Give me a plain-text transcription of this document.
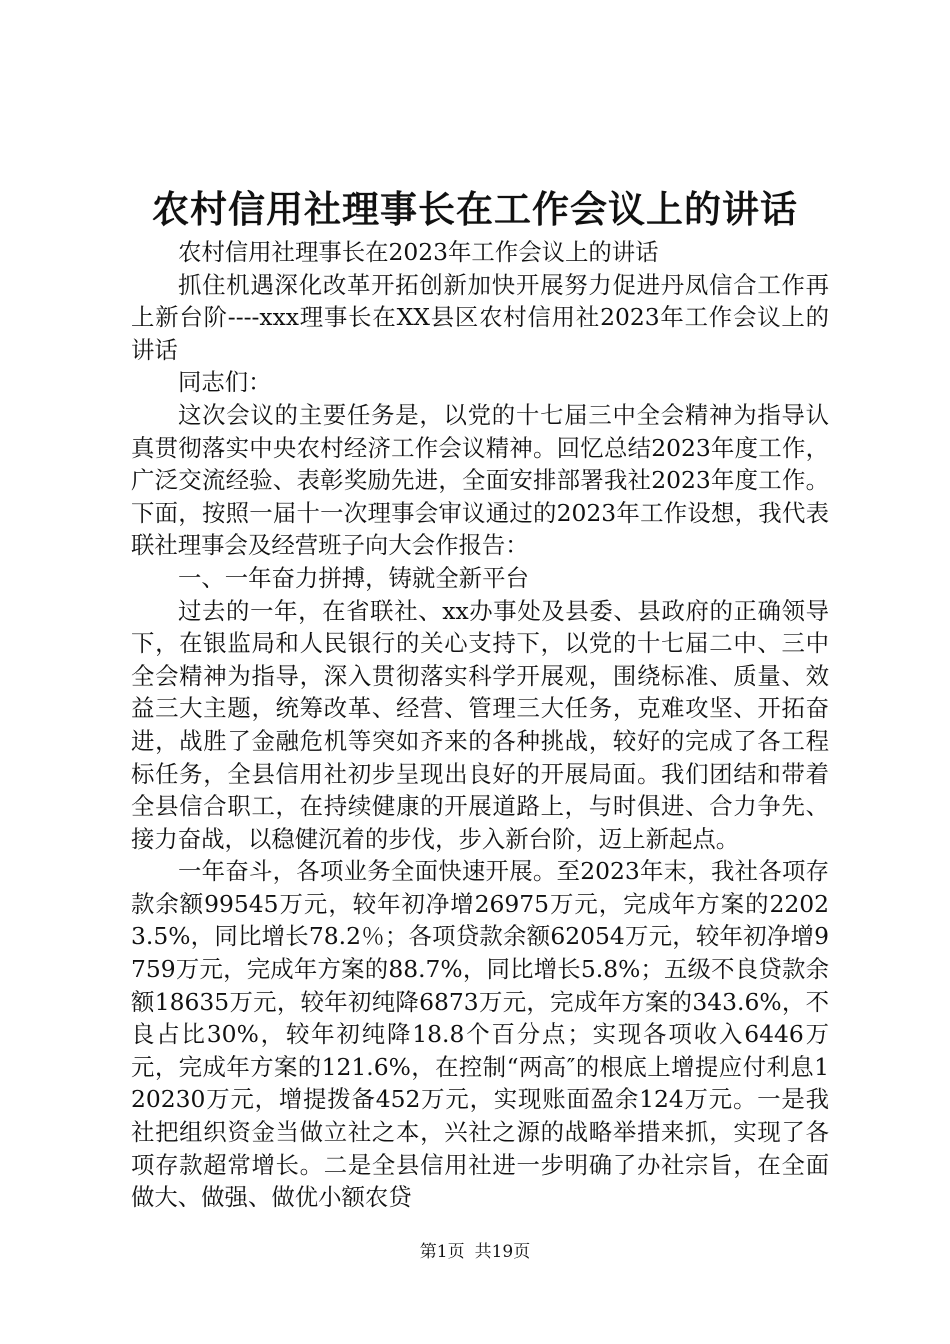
农村信用社理事长在工作会议上的讲话

农村信用社理事长在2023年工作会议上的讲话

抓住机遇深化改革开拓创新加快开展努力促进丹凤信合工作再上新台阶----xxx理事长在XX县区农村信用社2023年工作会议上的讲话

同志们：

这次会议的主要任务是，以党的十七届三中全会精神为指导认真贯彻落实中央农村经济工作会议精神。回忆总结2023年度工作，广泛交流经验、表彰奖励先进，全面安排部署我社2023年度工作。下面，按照一届十一次理事会审议通过的2023年工作设想，我代表联社理事会及经营班子向大会作报告：

一、一年奋力拼搏，铸就全新平台

过去的一年，在省联社、xx办事处及县委、县政府的正确领导下，在银监局和人民银行的关心支持下，以党的十七届二中、三中全会精神为指导，深入贯彻落实科学开展观，围绕标准、质量、效益三大主题，统筹改革、经营、管理三大任务，克难攻坚、开拓奋进，战胜了金融危机等突如齐来的各种挑战，较好的完成了各工程标任务，全县信用社初步呈现出良好的开展局面。我们团结和带着全县信合职工，在持续健康的开展道路上，与时俱进、合力争先、接力奋战，以稳健沉着的步伐，步入新台阶，迈上新起点。

一年奋斗，各项业务全面快速开展。至2023年末，我社各项存款余额99545万元，较年初净增26975万元，完成年方案的22023.5%，同比增长78.2％；各项贷款余额62054万元，较年初净增9759万元，完成年方案的88.7%，同比增长5.8%；五级不良贷款余额18635万元，较年初纯降6873万元，完成年方案的343.6%，不良占比30%，较年初纯降18.8个百分点；实现各项收入6446万元，完成年方案的121.6%，在控制“两高″的根底上增提应付利息120230万元，增提拨备452万元，实现账面盈余124万元。一是我社把组织资金当做立社之本，兴社之源的战略举措来抓，实现了各项存款超常增长。二是全县信用社进一步明确了办社宗旨，在全面做大、做强、做优小额农贷

第1页 共19页
